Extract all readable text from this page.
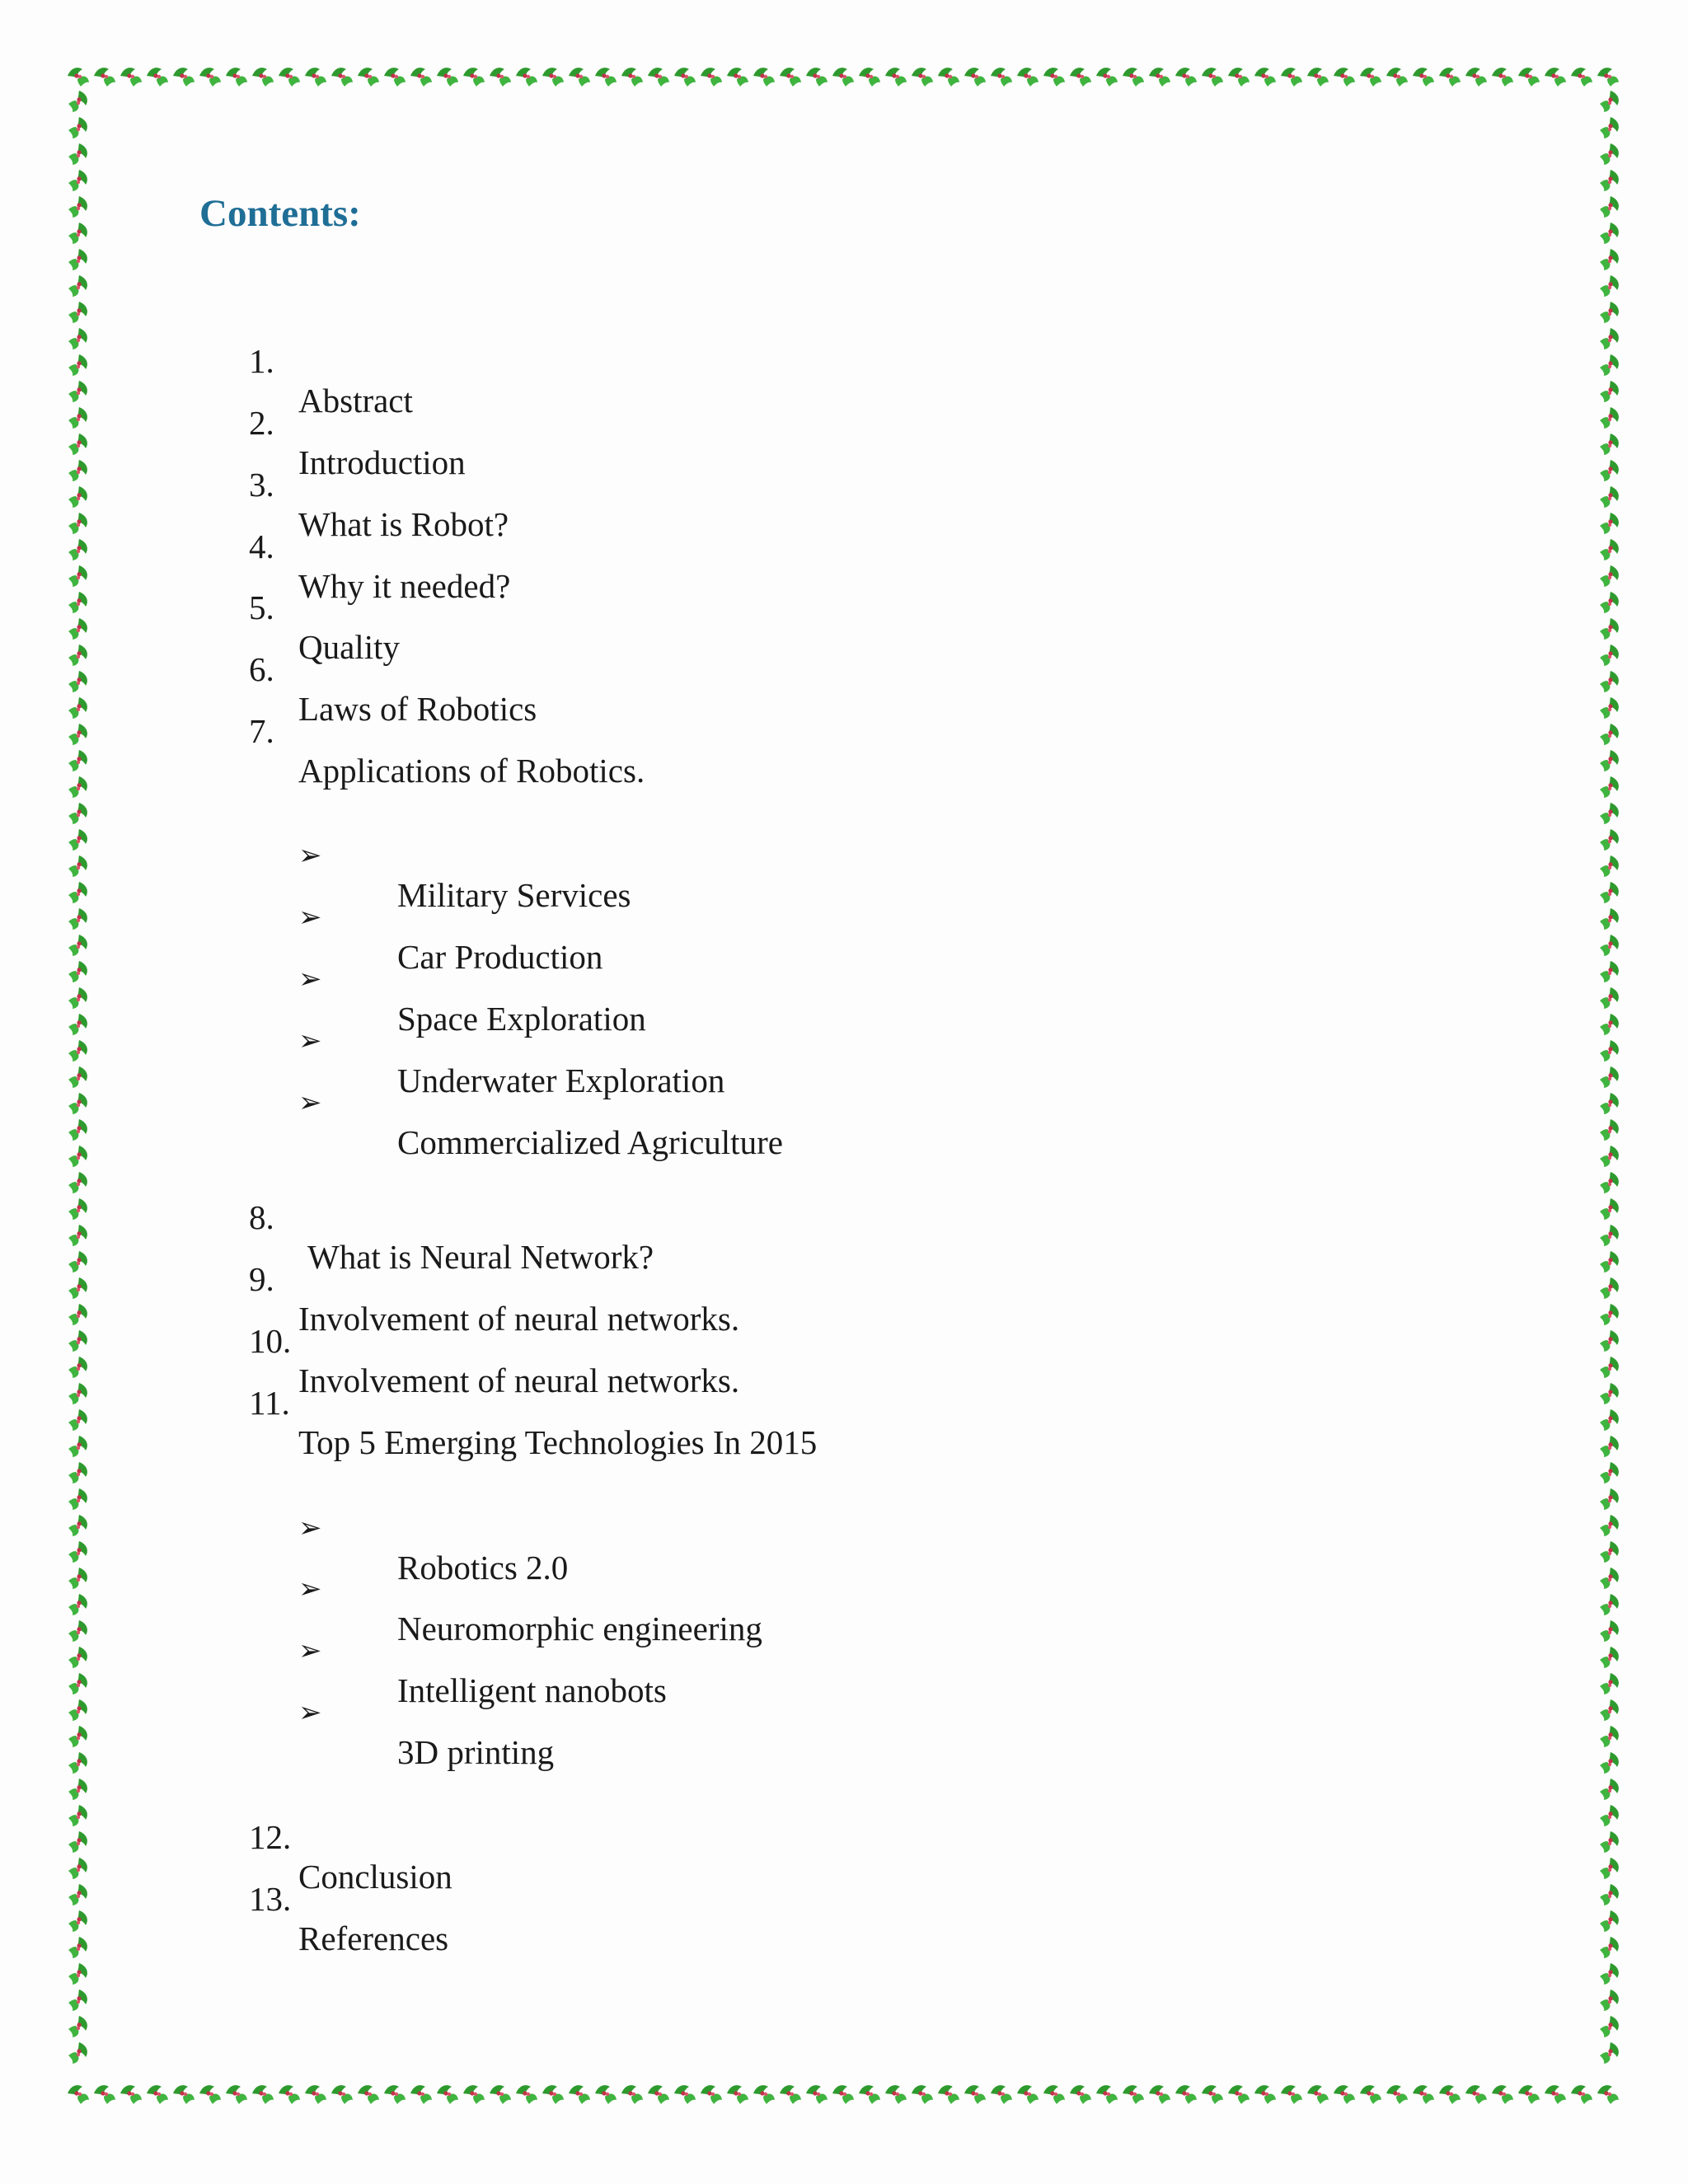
Contents:

1.

Abstract

2.

Introduction

3.

What is Robot?

4.

Why it needed?

5.

Quality

6.

Laws of Robotics

7.

Applications of Robotics.

➢

Military Services

➢

Car Production

➢

Space Exploration

➢

Underwater Exploration

➢

Commercialized Agriculture

8.

What is Neural Network?

9.

Involvement of neural networks.

10.

Involvement of neural networks.

11.

Top 5 Emerging Technologies In 2015

➢

Robotics 2.0

➢

Neuromorphic engineering

➢

Intelligent nanobots

➢

3D printing

12.

Conclusion

13.

References
